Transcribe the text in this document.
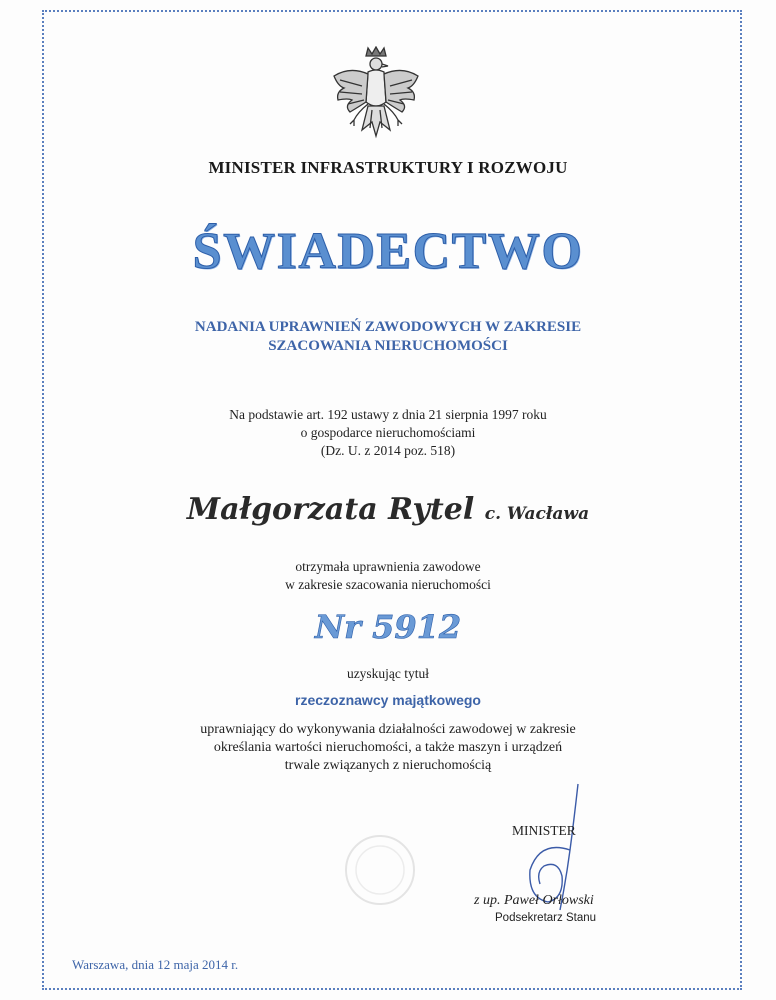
MINISTER INFRASTRUKTURY I ROZWOJU
ŚWIADECTWO
NADANIA UPRAWNIEŃ ZAWODOWYCH W ZAKRESIE
SZACOWANIA NIERUCHOMOŚCI
Na podstawie art. 192 ustawy z dnia 21 sierpnia 1997 roku
o gospodarce nieruchomościami
(Dz. U. z 2014 poz. 518)
Małgorzata Rytel c. Wacława
otrzymała uprawnienia zawodowe
w zakresie szacowania nieruchomości
Nr 5912
uzyskując tytuł
rzeczoznawcy majątkowego
uprawniający do wykonywania działalności zawodowej w zakresie
określania wartości nieruchomości, a także maszyn i urządzeń
trwale związanych z nieruchomością
MINISTER
z up. Paweł Orłowski
Podsekretarz Stanu
Warszawa, dnia 12 maja 2014 r.
